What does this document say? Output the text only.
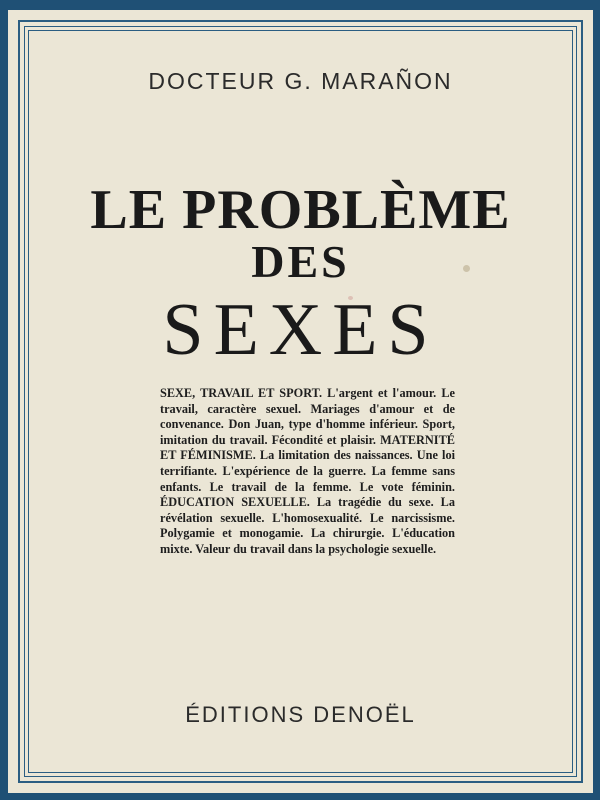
DOCTEUR G. MARAÑON
LE PROBLÈME
DES
SEXES
SEXE, TRAVAIL ET SPORT. L'argent et l'amour. Le travail, caractère sexuel. Mariages d'amour et de convenance. Don Juan, type d'homme inférieur. Sport, imitation du travail. Fécondité et plaisir. MATERNITÉ ET FÉMINISME. La limitation des naissances. Une loi terrifiante. L'expérience de la guerre. La femme sans enfants. Le travail de la femme. Le vote féminin. ÉDUCATION SEXUELLE. La tragédie du sexe. La révélation sexuelle. L'homosexualité. Le narcissisme. Polygamie et monogamie. La chirurgie. L'éducation mixte. Valeur du travail dans la psychologie sexuelle.
ÉDITIONS DENOËL
